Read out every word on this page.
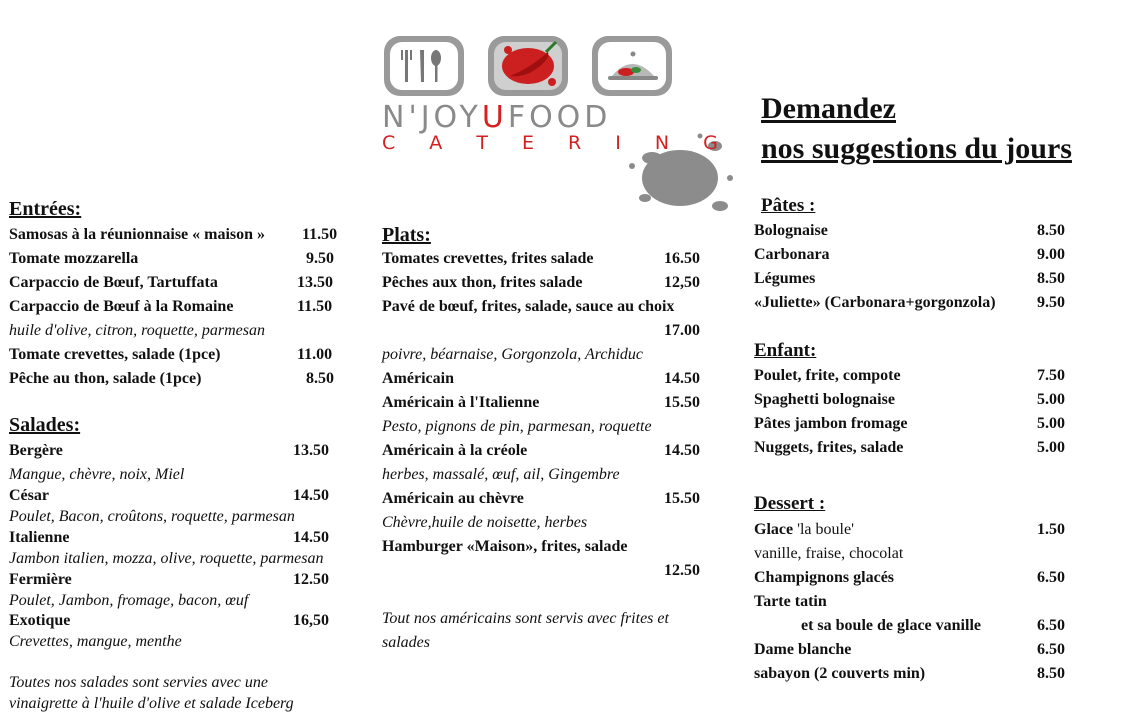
N'JOYUFOOD
C A T E R I N G
Demandez
nos suggestions du jours
Entrées:
Samosas à la réunionnaise « maison » 11.50
Tomate mozzarella	9.50
Carpaccio de Bœuf, Tartuffata	13.50
Carpaccio de Bœuf à la Romaine	11.50
huile d'olive, citron, roquette, parmesan
Tomate crevettes, salade (1pce)	11.00
Pêche au thon, salade (1pce)	8.50
Salades:
Bergère	13.50
Mangue, chèvre, noix, Miel
César	14.50
Poulet, Bacon, croûtons, roquette, parmesan
Italienne	14.50
Jambon italien, mozza, olive, roquette, parmesan
Fermière	12.50
Poulet, Jambon, fromage, bacon, œuf
Exotique	16,50
Crevettes, mangue, menthe
Toutes nos salades sont servies avec une
vinaigrette à l'huile d'olive et salade Iceberg
Plats:
Tomates crevettes, frites salade	16.50
Pêches aux thon, frites salade	12,50
Pavé de bœuf, frites, salade, sauce au choix
17.00
poivre, béarnaise, Gorgonzola, Archiduc
Américain	14.50
Américain à l'Italienne	15.50
Pesto, pignons de pin, parmesan, roquette
Américain à la créole	14.50
herbes, massalé, œuf, ail, Gingembre
Américain au chèvre	15.50
Chèvre,huile de noisette, herbes
Hamburger «Maison», frites, salade
12.50
Tout nos américains sont servis avec frites et
salades
Pâtes :
Bolognaise	8.50
Carbonara	9.00
Légumes	8.50
«Juliette» (Carbonara+gorgonzola)	9.50
Enfant:
Poulet, frite, compote	7.50
Spaghetti bolognaise	5.00
Pâtes jambon fromage	5.00
Nuggets, frites, salade	5.00
Dessert :
Glace 'la boule'	1.50
vanille, fraise, chocolat
Champignons glacés	6.50
Tarte tatin
et sa boule de glace vanille	6.50
Dame blanche	6.50
sabayon (2 couverts min)	8.50
